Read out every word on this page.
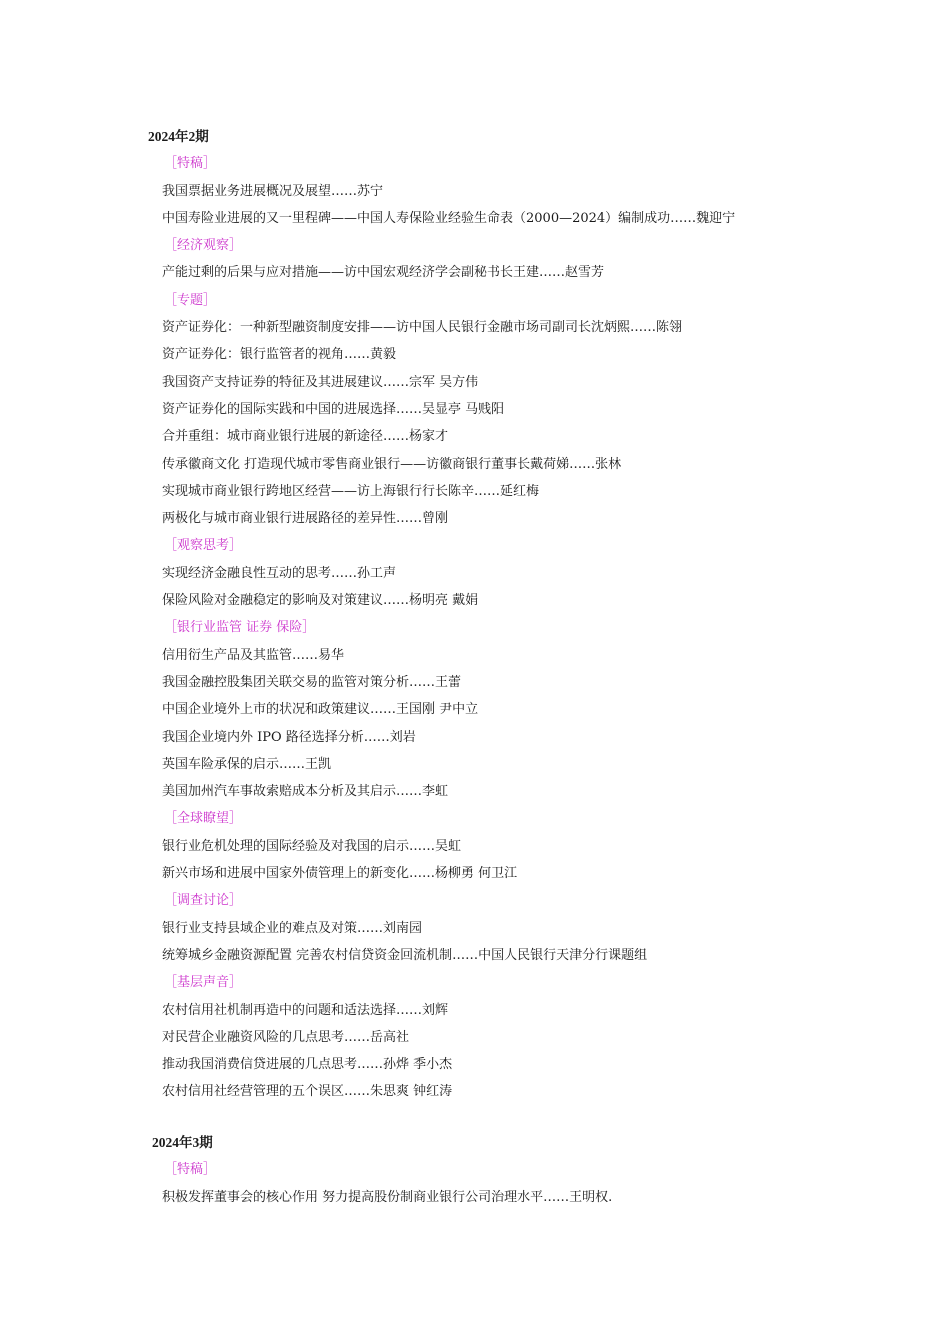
2024年2期
［特稿］
我国票据业务进展概况及展望……苏宁
中国寿险业进展的又一里程碑——中国人寿保险业经验生命表（2000—2024）编制成功……魏迎宁
［经济观察］
产能过剩的后果与应对措施——访中国宏观经济学会副秘书长王建……赵雪芳
［专题］
资产证券化：一种新型融资制度安排——访中国人民银行金融市场司副司长沈炳熙……陈翎
资产证券化：银行监管者的视角……黄毅
我国资产支持证券的特征及其进展建议……宗军 吴方伟
资产证券化的国际实践和中国的进展选择……吴显亭 马贱阳
合并重组：城市商业银行进展的新途径……杨家才
传承徽商文化 打造现代城市零售商业银行——访徽商银行董事长戴荷娣……张林
实现城市商业银行跨地区经营——访上海银行行长陈辛……延红梅
两极化与城市商业银行进展路径的差异性……曾刚
［观察思考］
实现经济金融良性互动的思考……孙工声
保险风险对金融稳定的影响及对策建议……杨明亮 戴娟
［银行业监管 证券 保险］
信用衍生产品及其监管……易华
我国金融控股集团关联交易的监管对策分析……王蕾
中国企业境外上市的状况和政策建议……王国刚 尹中立
我国企业境内外 IPO 路径选择分析……刘岩
英国车险承保的启示……王凯
美国加州汽车事故索赔成本分析及其启示……李虹
［全球瞭望］
银行业危机处理的国际经验及对我国的启示……吴虹
新兴市场和进展中国家外债管理上的新变化……杨柳勇 何卫江
［调查讨论］
银行业支持县域企业的难点及对策……刘南园
统筹城乡金融资源配置 完善农村信贷资金回流机制……中国人民银行天津分行课题组
［基层声音］
农村信用社机制再造中的问题和适法选择……刘辉
对民营企业融资风险的几点思考……岳高社
推动我国消费信贷进展的几点思考……孙烨 季小杰
农村信用社经营管理的五个误区……朱思爽 钟红涛
2024年3期
［特稿］
积极发挥董事会的核心作用 努力提高股份制商业银行公司治理水平……王明权.
